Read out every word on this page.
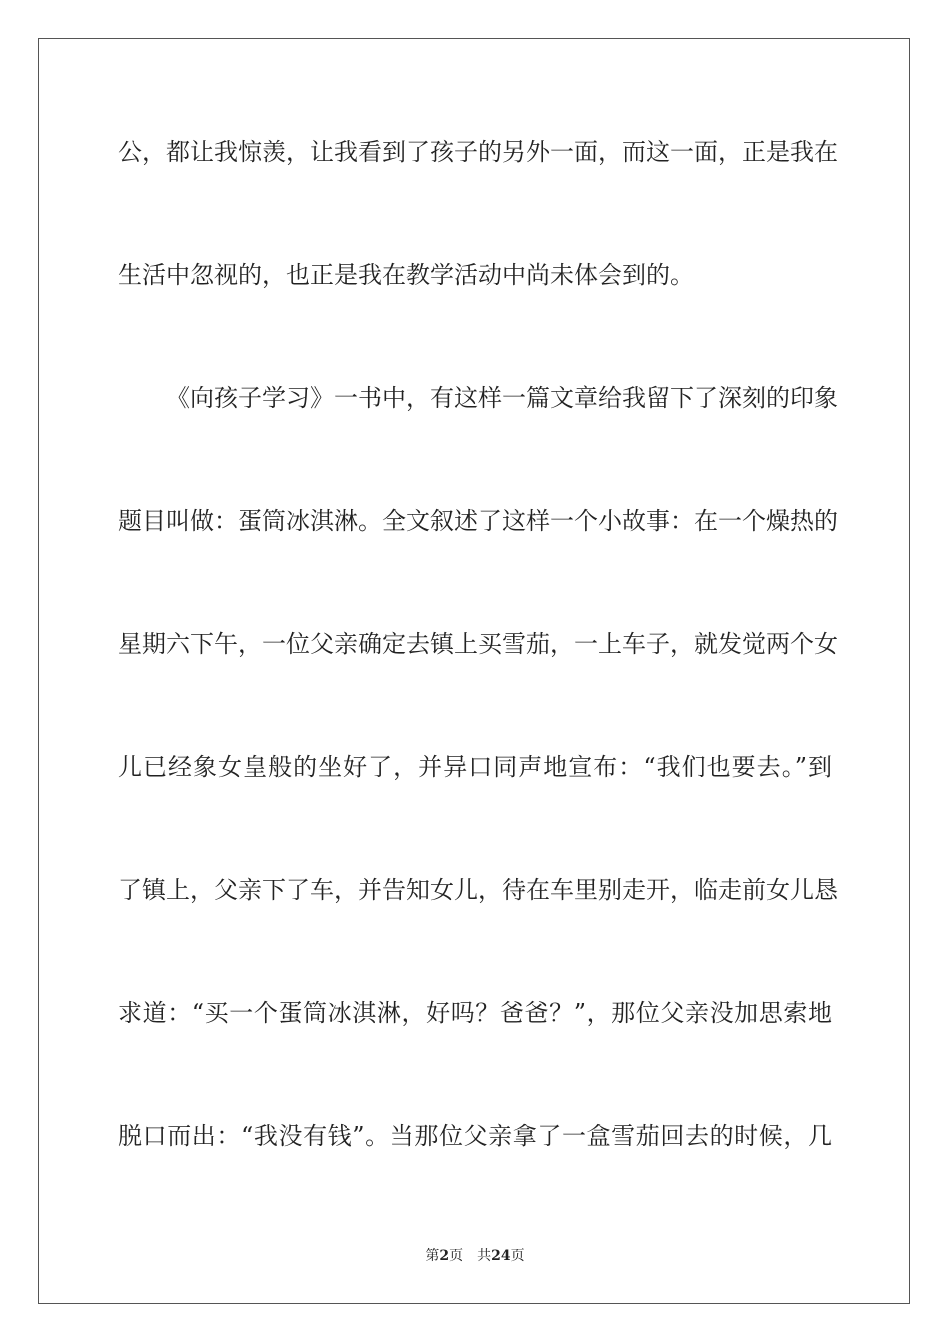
公，都让我惊羡，让我看到了孩子的另外一面，而这一面，正是我在
生活中忽视的，也正是我在教学活动中尚未体会到的。
《向孩子学习》一书中，有这样一篇文章给我留下了深刻的印象
题目叫做：蛋筒冰淇淋。全文叙述了这样一个小故事：在一个燥热的
星期六下午，一位父亲确定去镇上买雪茄，一上车子，就发觉两个女
儿已经象女皇般的坐好了，并异口同声地宣布：“我们也要去。”到
了镇上，父亲下了车，并告知女儿，待在车里别走开，临走前女儿恳
求道：“买一个蛋筒冰淇淋，好吗？爸爸？”，那位父亲没加思索地
脱口而出：“我没有钱”。当那位父亲拿了一盒雪茄回去的时候，几
第2页 共24页
